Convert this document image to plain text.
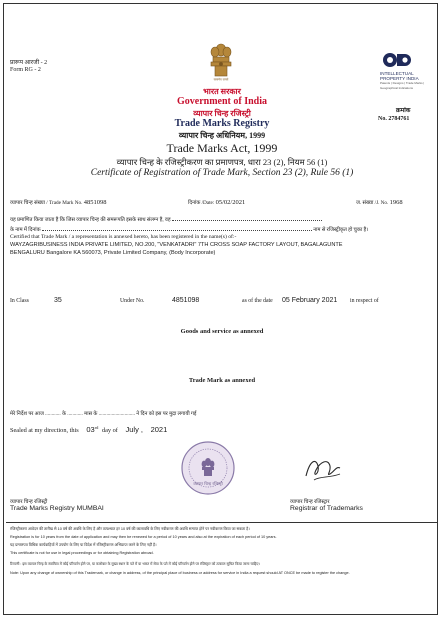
प्रारूप आरजी - 2
Form RG - 2
सत्यमेव जयते
INTELLECTUAL
PROPERTY INDIA
Patents | Designs | Trade Marks | Geographical Indications
भारत सरकार
Government of India
व्यापार चिन्ह रजिस्ट्री
Trade Marks Registry
व्यापार चिन्ह अधिनियम, 1999
Trade Marks Act, 1999
व्यापार चिन्ह के रजिस्ट्रीकरण का प्रमाणपत्र, धारा 23 (2), नियम 56 (1)
Certificate of Registration of Trade Mark, Section 23 (2), Rule 56 (1)
क्रमांक
No. 2784761
व्यापार चिन्ह संख्या / Trade Mark No. 4851098	दिनांक /Date: 05/02/2021	ज. संख्या /J. No. 1968
यह प्रमाणित किया जाता है कि जिस व्यापार चिन्ह की समरूपति इसके साथ संलग्न है, वह
के नाम में दिनांक	नाम से रजिस्ट्रीकृत हो चुका है।
Certified that Trade Mark / a representation is annexed hereto, has been registered in the name(s) of:-
WAYZAGRIBUSINESS INDIA PRIVATE LIMITED, NO.200, "VENKATADRI" 7TH CROSS SOAP FACTORY LAYOUT, BAGALAGUNTE
BENGALURU Bangalore KA 560073, Private Limited Company, (Body Incorporate)
In Class	35	Under No.	4851098	as of the date 05 February 2021 in respect of
Goods and service as annexed
Trade Mark as annexed
मेरे निर्देश पर आज ............ के ............ मास के ............................ ने दिन को इस पर मुद्रा लगायी गई
Sealed at my direction, this 03rd day of July , 2021
व्यापार चिन्ह रजिस्ट्री
व्यापार चिन्ह रजिस्ट्री
Trade Marks Registry MUMBAI
व्यापार चिन्ह रजिस्ट्रार
Registrar of Trademarks
रजिस्ट्रीकरण आवेदन की तारीख से 10 वर्ष की अवधि के लिए है और तत्पश्चात हर 10 वर्ष की कालावधि के लिए नवीकरण की अवधि समाप्त होने पर नवीकरण किया जा सकता है।
Registration is for 10 years from the date of application and may then be renewed for a period of 10 years and also at the expiration of each period of 10 years.
यह प्रमाणपत्र विधिक कार्यवाहियों में उपयोग के लिए या विदेश में रजिस्ट्रीकरण अभिप्राप्त करने के लिए नहीं है।
This certificate is not for use in legal proceedings or for obtaining Registration abroad.
टिप्पणी : इस व्यापार चिन्ह के स्वामित्व में कोई परिवर्तन होने पर, या कारोबार के मुख्य स्थान के पते में या भारत में सेवा के पते में कोई परिवर्तन होने पर रजिस्ट्रार को तत्काल सूचित किया जाना चाहिए।
Note: Upon any change of ownership of this Trademark, or change in address, of the principal place of business or address for service in India a request should AT ONCE be made to register the change.
